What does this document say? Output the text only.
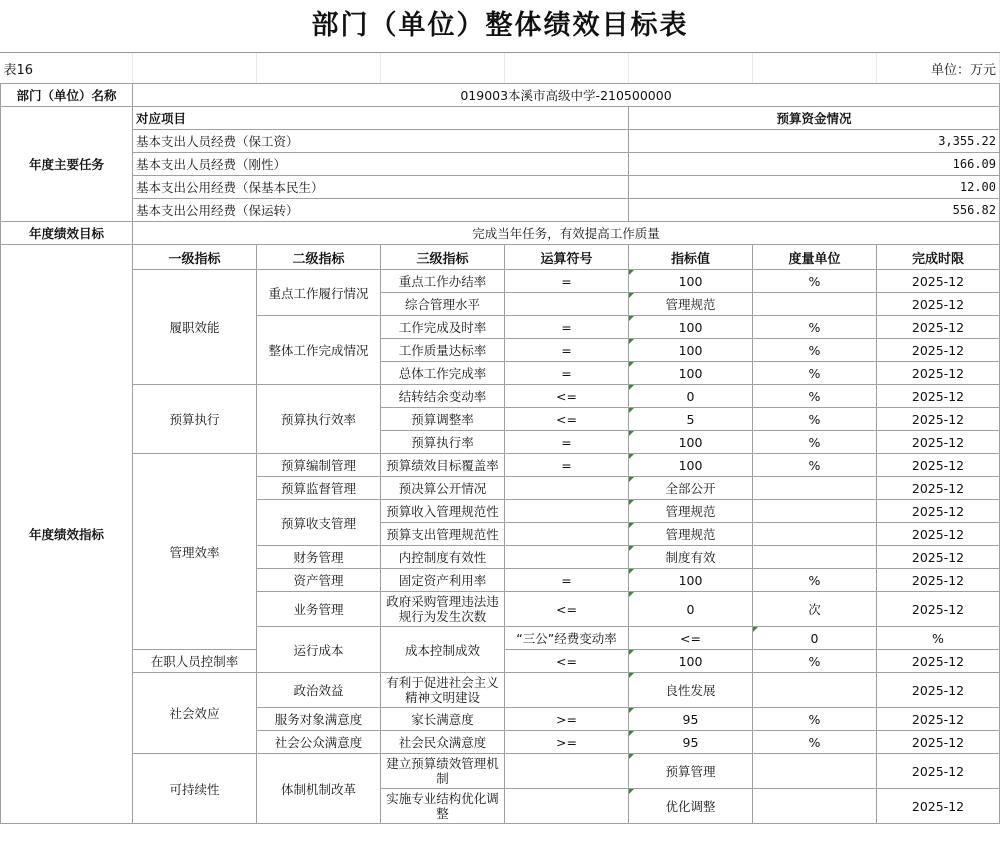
部门（单位）整体绩效目标表
表16							单位：万元	
部门（单位）名称	019003本溪市高级中学-210500000							
年度主要任务	对应项目				预算资金情况			
	基本支出人员经费（保工资）				3,355.22			
	基本支出人员经费（刚性）				166.09			
	基本支出公用经费（保基本民生）				12.00			
	基本支出公用经费（保运转）				556.82			
年度绩效目标	完成当年任务，有效提高工作质量							
年度绩效指标	一级指标	二级指标	三级指标	运算符号	指标值	度量单位	完成时限	
	履职效能	重点工作履行情况	重点工作办结率	=	100	%	2025-12	
			综合管理水平		管理规范		2025-12	
		整体工作完成情况	工作完成及时率	=	100	%	2025-12	
			工作质量达标率	=	100	%	2025-12	
			总体工作完成率	=	100	%	2025-12	
	预算执行	预算执行效率	结转结余变动率	<=	0	%	2025-12	
			预算调整率	<=	5	%	2025-12	
			预算执行率	=	100	%	2025-12	
	管理效率	预算编制管理	预算绩效目标覆盖率	=	100	%	2025-12	
		预算监督管理	预决算公开情况		全部公开		2025-12	
		预算收支管理	预算收入管理规范性		管理规范		2025-12	
			预算支出管理规范性		管理规范		2025-12	
		财务管理	内控制度有效性		制度有效		2025-12	
		资产管理	固定资产利用率	=	100	%	2025-12	
		业务管理	政府采购管理违法违规行为发生次数	<=	0	次	2025-12	
		运行成本	成本控制成效	“三公”经费变动率	<=	0	%	
	在职人员控制率			<=	100	%	2025-12	
	社会效应	政治效益	有利于促进社会主义精神文明建设		良性发展		2025-12	
		服务对象满意度	家长满意度	>=	95	%	2025-12	
		社会公众满意度	社会民众满意度	>=	95	%	2025-12	
	可持续性	体制机制改革	建立预算绩效管理机制		预算管理		2025-12	
			实施专业结构优化调整		优化调整		2025-12	
